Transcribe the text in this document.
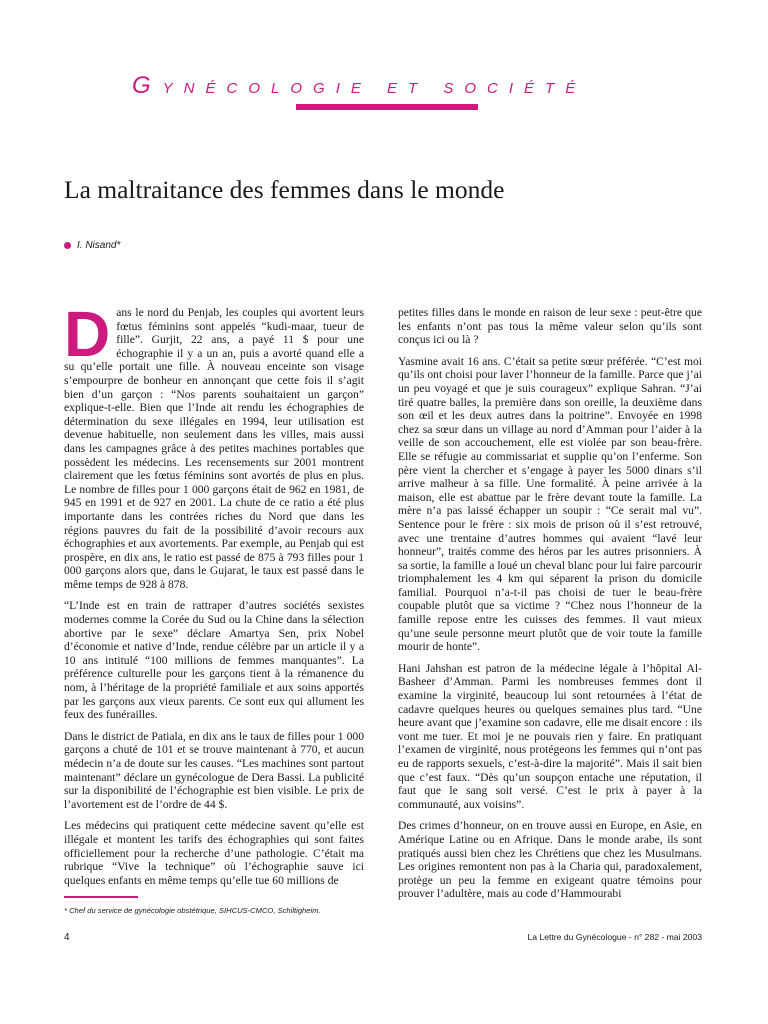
GYNÉCOLOGIE ET SOCIÉTÉ
La maltraitance des femmes dans le monde
I. Nisand*

Dans le nord du Penjab, les couples qui avortent leurs fœtus féminins sont appelés “kudi-maar, tueur de fille”. Gurjit, 22 ans, a payé 11 $ pour une échographie il y a un an, puis a avorté quand elle a su qu’elle portait une fille. À nouveau enceinte son visage s’empourpre de bonheur en annonçant que cette fois il s’agit bien d’un garçon : “Nos parents souhaitaient un garçon” explique-t-elle. Bien que l’Inde ait rendu les échographies de détermination du sexe illégales en 1994, leur utilisation est devenue habituelle, non seulement dans les villes, mais aussi dans les campagnes grâce à des petites machines portables que possèdent les médecins. Les recensements sur 2001 montrent clairement que les fœtus féminins sont avortés de plus en plus. Le nombre de filles pour 1 000 garçons était de 962 en 1981, de 945 en 1991 et de 927 en 2001. La chute de ce ratio a été plus importante dans les contrées riches du Nord que dans les régions pauvres du fait de la possibilité d’avoir recours aux échographies et aux avortements. Par exemple, au Penjab qui est prospère, en dix ans, le ratio est passé de 875 à 793 filles pour 1 000 garçons alors que, dans le Gujarat, le taux est passé dans le même temps de 928 à 878.

“L’Inde est en train de rattraper d’autres sociétés sexistes modernes comme la Corée du Sud ou la Chine dans la sélection abortive par le sexe” déclare Amartya Sen, prix Nobel d’économie et native d’Inde, rendue célèbre par un article il y a 10 ans intitulé “100 millions de femmes manquantes”. La préférence culturelle pour les garçons tient à la rémanence du nom, à l’héritage de la propriété familiale et aux soins apportés par les garçons aux vieux parents. Ce sont eux qui allument les feux des funérailles.

Dans le district de Patiala, en dix ans le taux de filles pour 1 000 garçons a chuté de 101 et se trouve maintenant à 770, et aucun médecin n’a de doute sur les causes. “Les machines sont partout maintenant” déclare un gynécologue de Dera Bassi. La publicité sur la disponibilité de l’échographie est bien visible. Le prix de l’avortement est de l’ordre de 44 $.

Les médecins qui pratiquent cette médecine savent qu’elle est illégale et montent les tarifs des échographies qui sont faites officiellement pour la recherche d’une pathologie. C’était ma rubrique “Vive la technique” où l’échographie sauve ici quelques enfants en même temps qu’elle tue 60 millions de

petites filles dans le monde en raison de leur sexe : peut-être que les enfants n’ont pas tous la même valeur selon qu’ils sont conçus ici ou là ?

Yasmine avait 16 ans. C’était sa petite sœur préférée. “C’est moi qu’ils ont choisi pour laver l’honneur de la famille. Parce que j’ai un peu voyagé et que je suis courageux” explique Sahran. “J’ai tiré quatre balles, la première dans son oreille, la deuxième dans son œil et les deux autres dans la poitrine”. Envoyée en 1998 chez sa sœur dans un village au nord d’Amman pour l’aider à la veille de son accouchement, elle est violée par son beau-frère. Elle se réfugie au commissariat et supplie qu’on l’enferme. Son père vient la chercher et s’engage à payer les 5000 dinars s’il arrive malheur à sa fille. Une formalité. À peine arrivée à la maison, elle est abattue par le frère devant toute la famille. La mère n’a pas laissé échapper un soupir : “Ce serait mal vu”. Sentence pour le frère : six mois de prison où il s’est retrouvé, avec une trentaine d’autres hommes qui avaient “lavé leur honneur”, traités comme des héros par les autres prisonniers. À sa sortie, la famille a loué un cheval blanc pour lui faire parcourir triomphalement les 4 km qui séparent la prison du domicile familial. Pourquoi n’a-t-il pas choisi de tuer le beau-frère coupable plutôt que sa victime ? “Chez nous l’honneur de la famille repose entre les cuisses des femmes. Il vaut mieux qu’une seule personne meurt plutôt que de voir toute la famille mourir de honte”.

Hani Jahshan est patron de la médecine légale à l’hôpital Al-Basheer d’Amman. Parmi les nombreuses femmes dont il examine la virginité, beaucoup lui sont retournées à l’état de cadavre quelques heures ou quelques semaines plus tard. “Une heure avant que j’examine son cadavre, elle me disait encore : ils vont me tuer. Et moi je ne pouvais rien y faire. En pratiquant l’examen de virginité, nous protégeons les femmes qui n’ont pas eu de rapports sexuels, c’est-à-dire la majorité”. Mais il sait bien que c’est faux. “Dès qu’un soupçon entache une réputation, il faut que le sang soit versé. C’est le prix à payer à la communauté, aux voisins”.

Des crimes d’honneur, on en trouve aussi en Europe, en Asie, en Amérique Latine ou en Afrique. Dans le monde arabe, ils sont pratiqués aussi bien chez les Chrétiens que chez les Musulmans. Les origines remontent non pas à la Charia qui, paradoxalement, protège un peu la femme en exigeant quatre témoins pour prouver l’adultère, mais au code d’Hammourabi

* Chef du service de gynécologie obstétrique, SIHCUS-CMCO, Schiltigheim.
4	La Lettre du Gynécologue - n° 282 - mai 2003
